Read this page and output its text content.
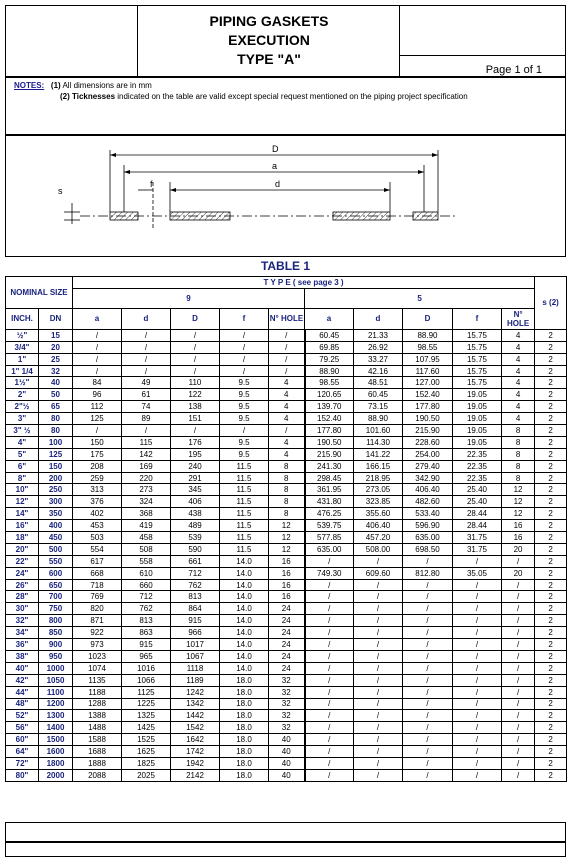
PIPING GASKETS
EXECUTION
TYPE "A"
Page 1 of 1
NOTES: (1) All dimensions are in mm
(2) Ticknesses indicated on the table are valid except special request mentioned on the piping project specification
D
a
d
f
s
TABLE 1
NOMINAL SIZE		T Y P E ( see page 3 )										s (2)
		9					5					
INCH.	DN	a	d	D	f	N° HOLE	a	d	D	f	N° HOLE	
½"	15	/	/	/	/	/	60.45	21.33	88.90	15.75	4	2
3/4"	20	/	/	/	/	/	69.85	26.92	98.55	15.75	4	2
1"	25	/	/	/	/	/	79.25	33.27	107.95	15.75	4	2
1" 1/4	32	/	/	/	/	/	88.90	42.16	117.60	15.75	4	2
1½"	40	84	49	110	9.5	4	98.55	48.51	127.00	15.75	4	2
2"	50	96	61	122	9.5	4	120.65	60.45	152.40	19.05	4	2
2"½	65	112	74	138	9.5	4	139.70	73.15	177.80	19.05	4	2
3"	80	125	89	151	9.5	4	152.40	88.90	190.50	19.05	4	2
3" ½	80	/	/	/	/	/	177.80	101.60	215.90	19.05	8	2
4"	100	150	115	176	9.5	4	190.50	114.30	228.60	19.05	8	2
5"	125	175	142	195	9.5	4	215.90	141.22	254.00	22.35	8	2
6"	150	208	169	240	11.5	8	241.30	166.15	279.40	22.35	8	2
8"	200	259	220	291	11.5	8	298.45	218.95	342.90	22.35	8	2
10"	250	313	273	345	11.5	8	361.95	273.05	406.40	25.40	12	2
12"	300	376	324	406	11.5	8	431.80	323.85	482.60	25.40	12	2
14"	350	402	368	438	11.5	8	476.25	355.60	533.40	28.44	12	2
16"	400	453	419	489	11.5	12	539.75	406.40	596.90	28.44	16	2
18"	450	503	458	539	11.5	12	577.85	457.20	635.00	31.75	16	2
20"	500	554	508	590	11.5	12	635.00	508.00	698.50	31.75	20	2
22"	550	617	558	661	14.0	16	/	/	/	/	/	2
24"	600	668	610	712	14.0	16	749.30	609.60	812.80	35.05	20	2
26"	650	718	660	762	14.0	16	/	/	/	/	/	2
28"	700	769	712	813	14.0	16	/	/	/	/	/	2
30"	750	820	762	864	14.0	24	/	/	/	/	/	2
32"	800	871	813	915	14.0	24	/	/	/	/	/	2
34"	850	922	863	966	14.0	24	/	/	/	/	/	2
36"	900	973	915	1017	14.0	24	/	/	/	/	/	2
38"	950	1023	965	1067	14.0	24	/	/	/	/	/	2
40"	1000	1074	1016	1118	14.0	24	/	/	/	/	/	2
42"	1050	1135	1066	1189	18.0	32	/	/	/	/	/	2
44"	1100	1188	1125	1242	18.0	32	/	/	/	/	/	2
48"	1200	1288	1225	1342	18.0	32	/	/	/	/	/	2
52"	1300	1388	1325	1442	18.0	32	/	/	/	/	/	2
56"	1400	1488	1425	1542	18.0	32	/	/	/	/	/	2
60"	1500	1588	1525	1642	18.0	40	/	/	/	/	/	2
64"	1600	1688	1625	1742	18.0	40	/	/	/	/	/	2
72"	1800	1888	1825	1942	18.0	40	/	/	/	/	/	2
80"	2000	2088	2025	2142	18.0	40	/	/	/	/	/	2
